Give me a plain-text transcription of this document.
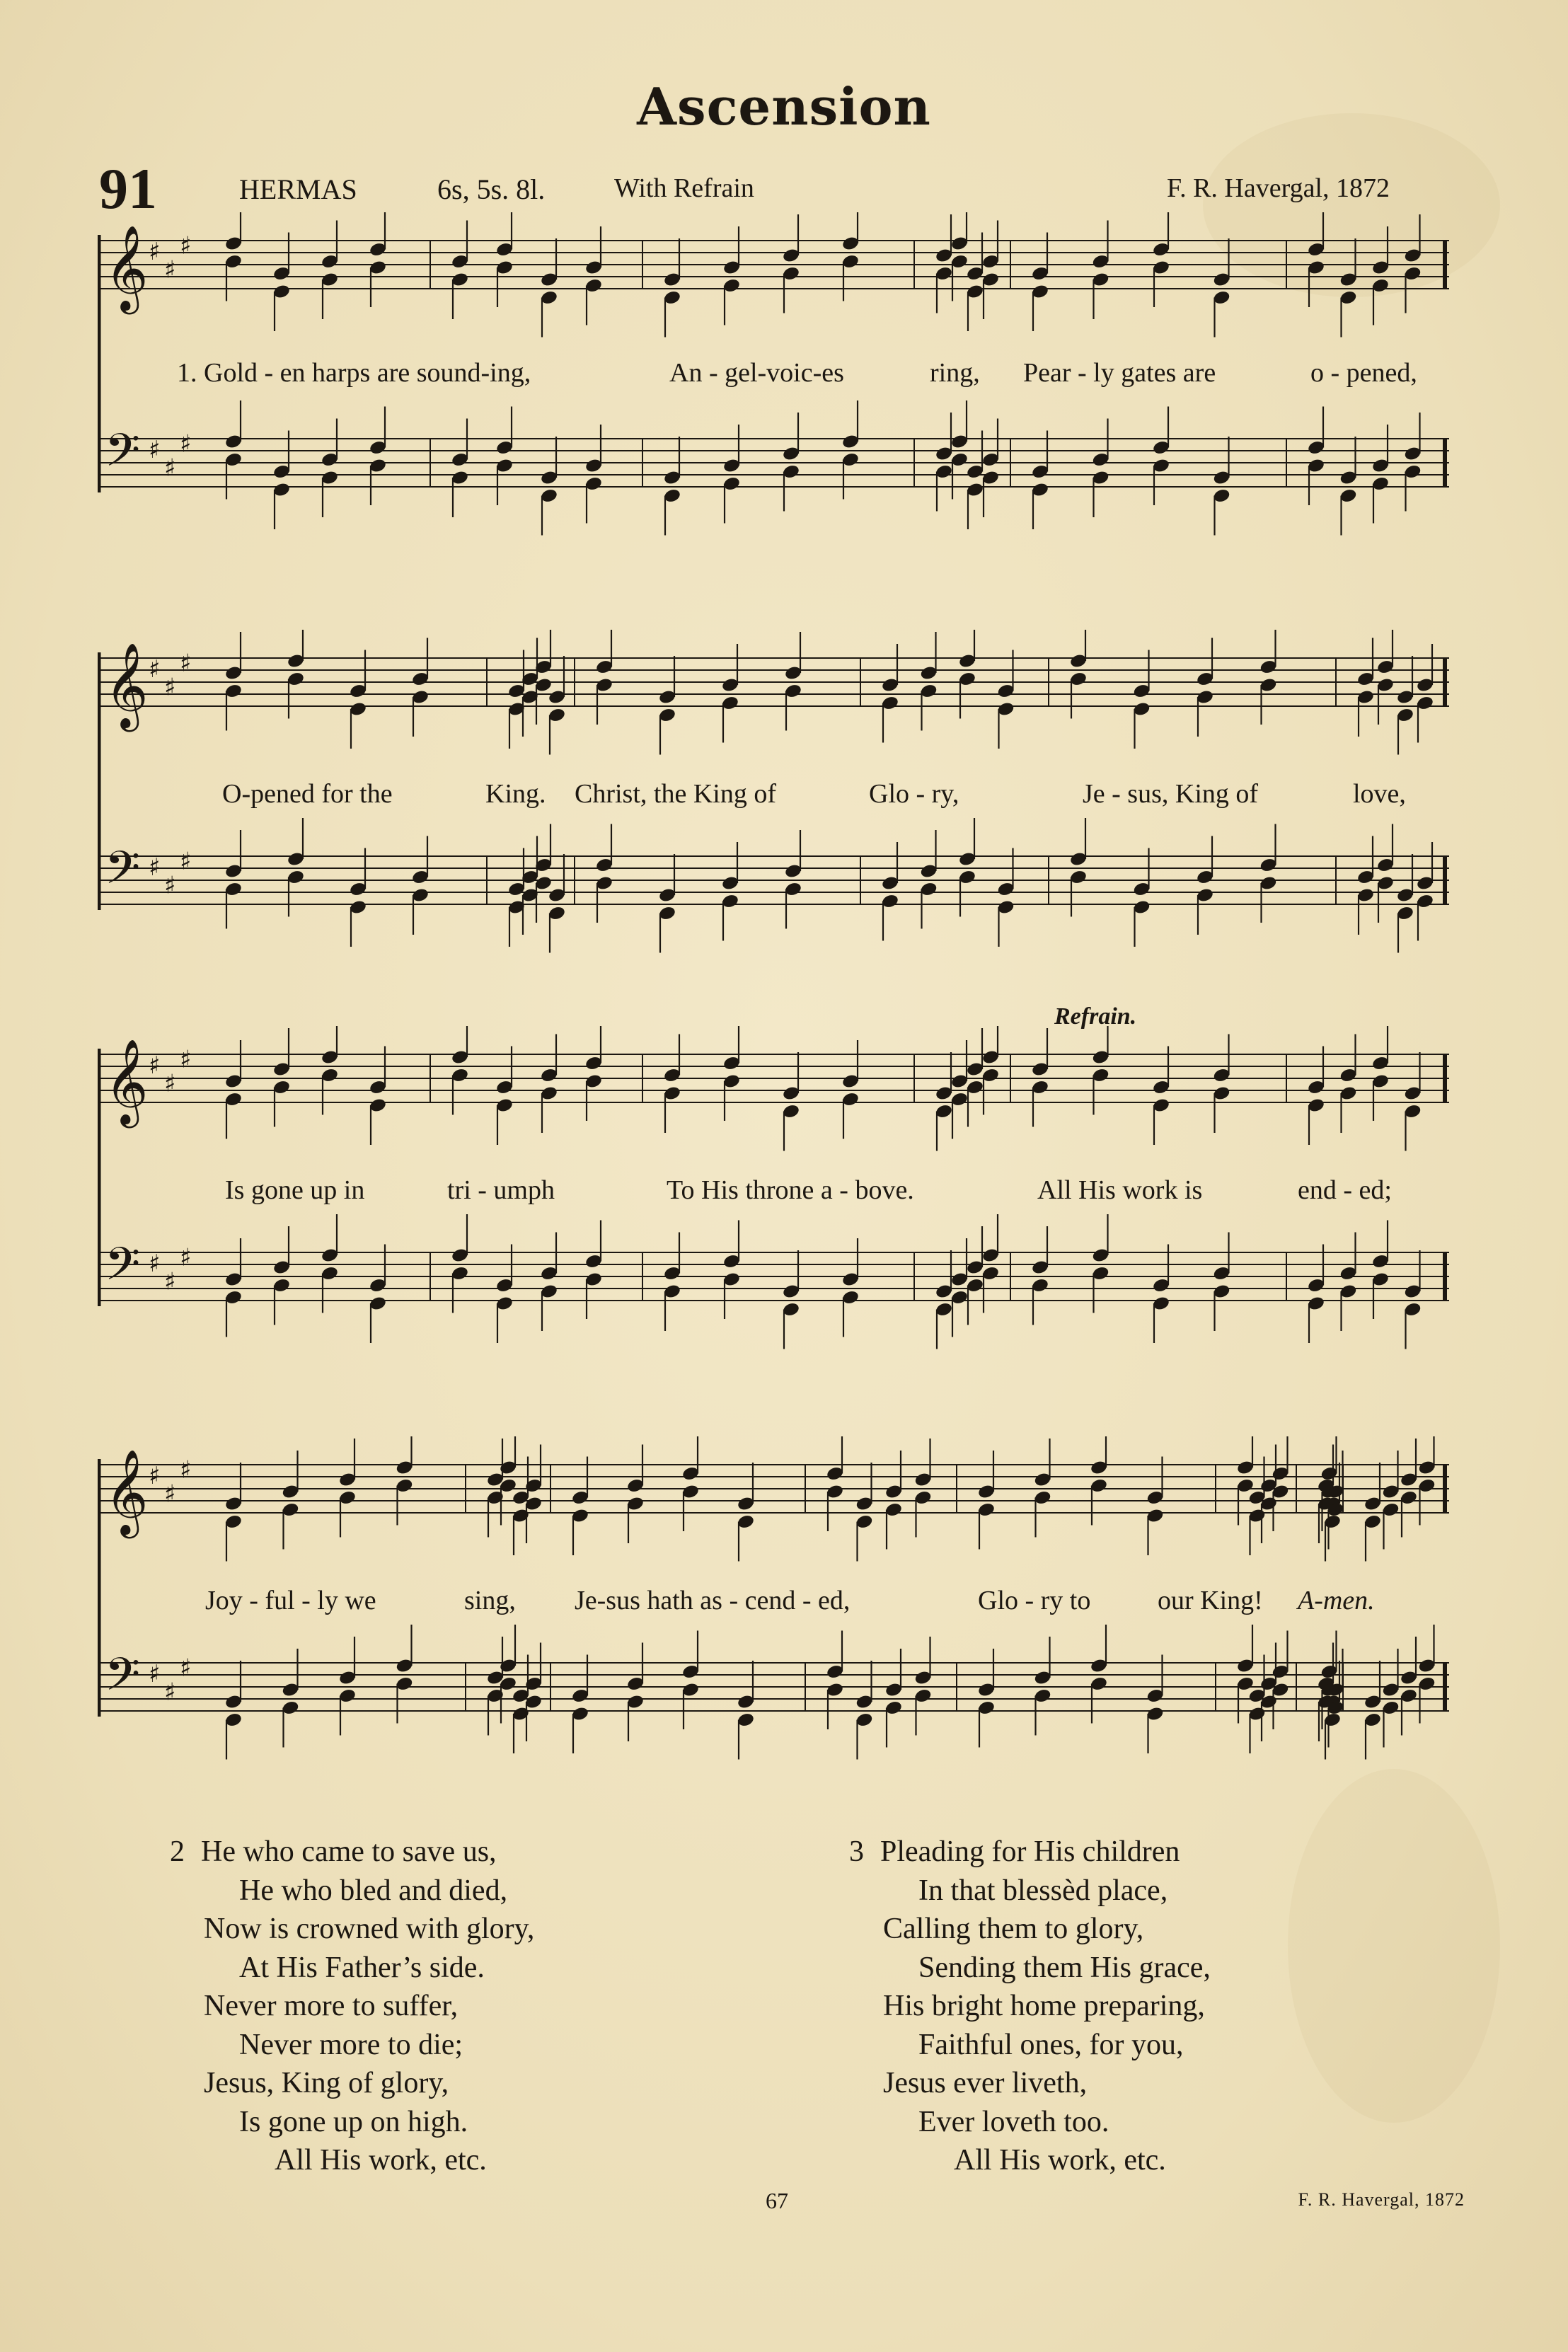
Ascension
91	HERMAS	6s, 5s. 8l.	With Refrain	F. R. Havergal, 1872
𝄞 ♯
♯
♯
𝄢 ♯
♯
♯
1. Gold - en harps are sound-ing,	An - gel-voic-es	ring, Pear - ly gates are	o - pened,
𝄞 ♯
♯
♯
𝄢 ♯
♯
♯
O-pened for the	King. Christ, the King of	Glo - ry,	Je - sus, King of	love,
𝄞 ♯
♯
♯
𝄢 ♯
♯
♯
Refrain.
Is gone up in	tri - umph	To His throne a - bove.	All His work is	end - ed;
𝄞 ♯
♯
♯
𝄢 ♯
♯
♯
Joy - ful - ly we	sing, Je-sus hath as - cend - ed,	Glo - ry to our King! A-men.
2 He who came to save us,
He who bled and died,
Now is crowned with glory,
At His Father’s side.
Never more to suffer,
Never more to die;
Jesus, King of glory,
Is gone up on high.
All His work, etc.
3 Pleading for His children
In that blessèd place,
Calling them to glory,
Sending them His grace,
His bright home preparing,
Faithful ones, for you,
Jesus ever liveth,
Ever loveth too.
All His work, etc.
67	F. R. Havergal, 1872
